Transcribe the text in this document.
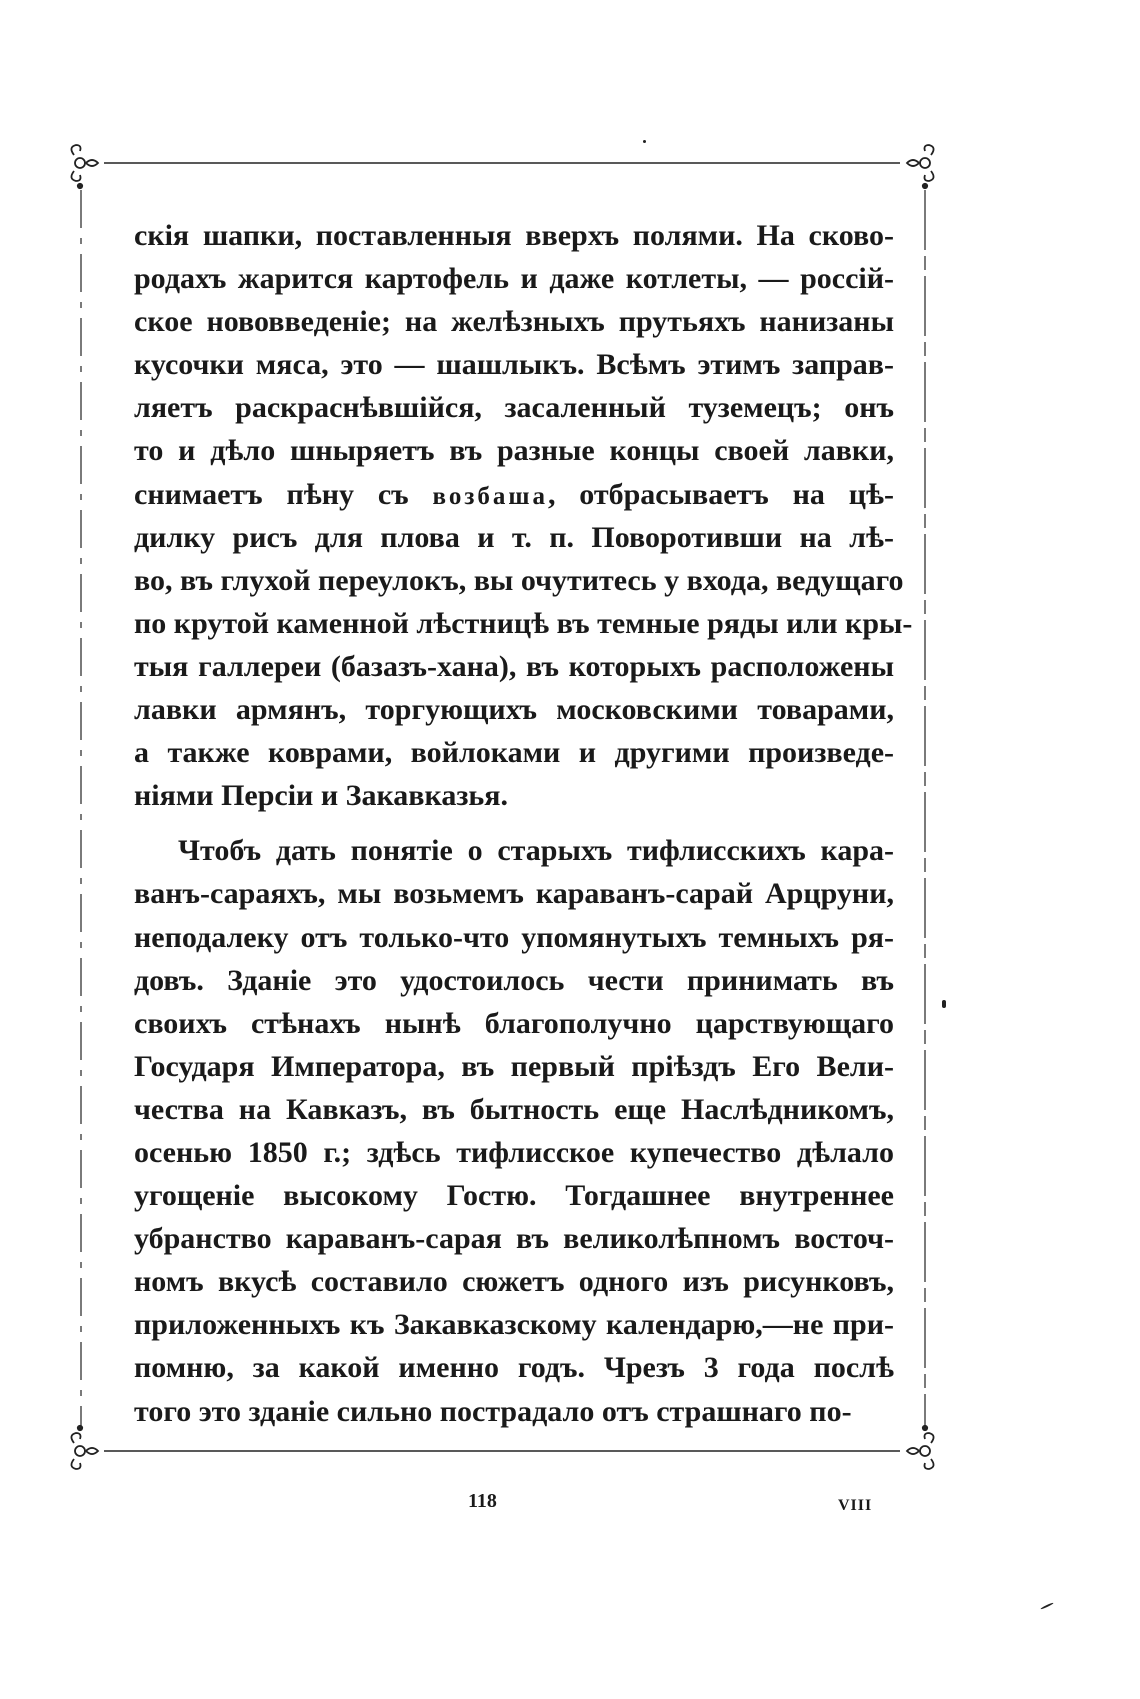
скія шапки, поставленныя вверхъ полями. На сково-
родахъ жарится картофель и даже котлеты, — россій-
ское нововведеніе; на желѣзныхъ прутьяхъ нанизаны
кусочки мяса, это — шашлыкъ. Всѣмъ этимъ заправ-
ляетъ раскраснѣвшійся, засаленный туземецъ; онъ
то и дѣло шныряетъ въ разные концы своей лавки,
снимаетъ пѣну съ возбаша, отбрасываетъ на цѣ-
дилку рисъ для плова и т. п. Поворотивши на лѣ-
во, въ глухой переулокъ, вы очутитесь у входа, ведущаго
по крутой каменной лѣстницѣ въ темные ряды или кры-
тыя галлереи (базазъ-хана), въ которыхъ расположены
лавки армянъ, торгующихъ московскими товарами,
а также коврами, войлоками и другими произведе-
ніями Персіи и Закавказья.
Чтобъ дать понятіе о старыхъ тифлисскихъ кара-
ванъ-сараяхъ, мы возьмемъ караванъ-сарай Арцруни,
неподалеку отъ только-что упомянутыхъ темныхъ ря-
довъ. Зданіе это удостоилось чести принимать въ
своихъ стѣнахъ нынѣ благополучно царствующаго
Государя Императора, въ первый пріѣздъ Его Вели-
чества на Кавказъ, въ бытность еще Наслѣдникомъ,
осенью 1850 г.; здѣсь тифлисское купечество дѣлало
угощеніе высокому Гостю. Тогдашнее внутреннее
убранство караванъ-сарая въ великолѣпномъ восточ-
номъ вкусѣ составило сюжетъ одного изъ рисунковъ,
приложенныхъ къ Закавказскому календарю,—не при-
помню, за какой именно годъ. Чрезъ 3 года послѣ
того это зданіе сильно пострадало отъ страшнаго по-
118	VIII
